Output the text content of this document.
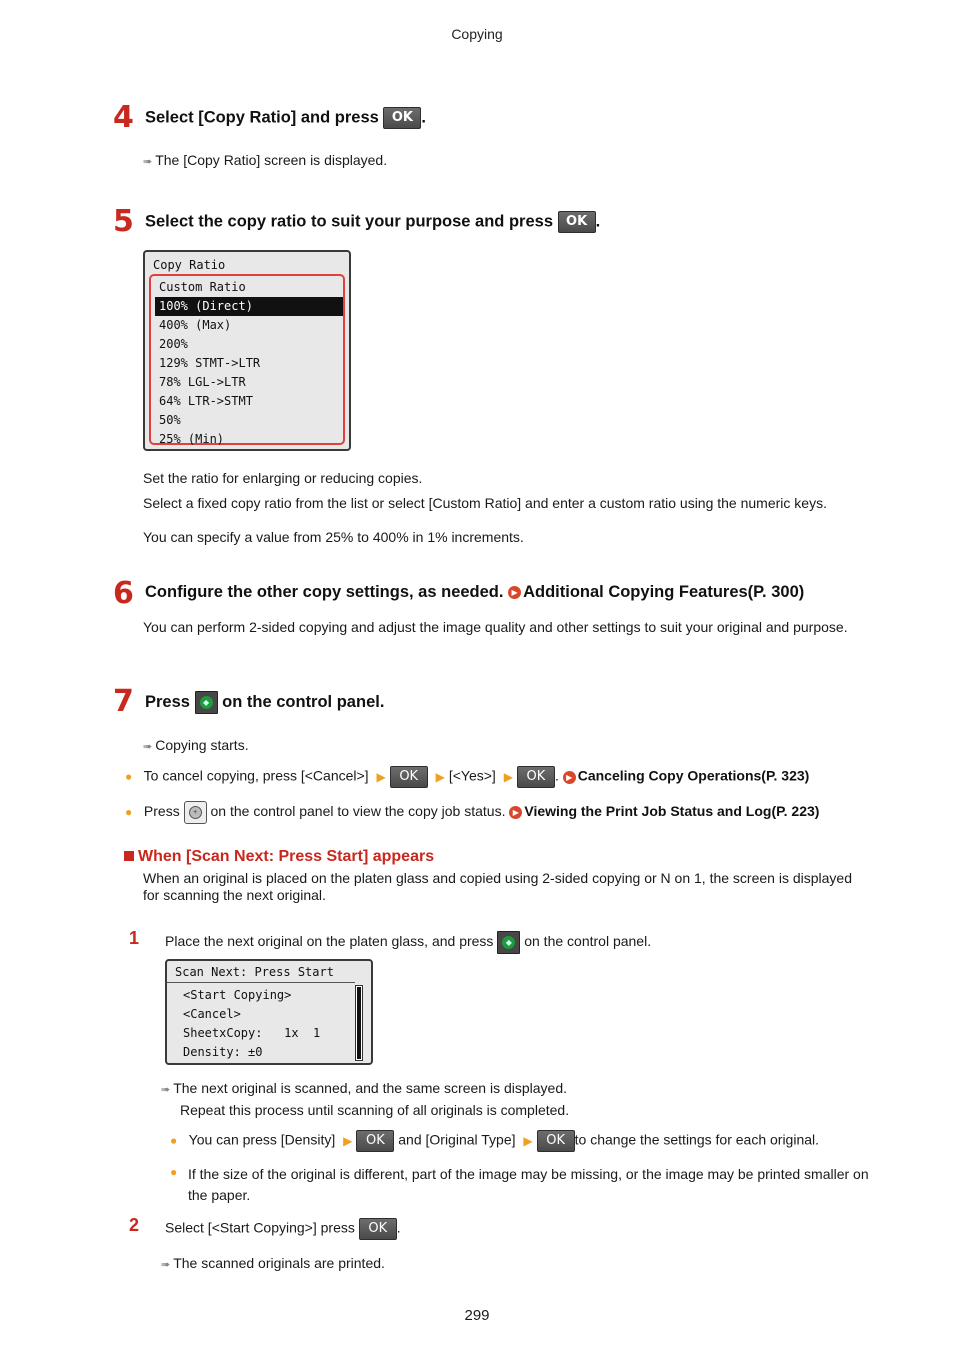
Copying
4 Select [Copy Ratio] and press OK .
➠ The [Copy Ratio] screen is displayed.
5 Select the copy ratio to suit your purpose and press OK .
Copy Ratio
Custom Ratio
100% (Direct)
400% (Max)
200%
129% STMT->LTR
78% LGL->LTR
64% LTR->STMT
50%
25% (Min)
Set the ratio for enlarging or reducing copies.
Select a fixed copy ratio from the list or select [Custom Ratio] and enter a custom ratio using the numeric keys.
You can specify a value from 25% to 400% in 1% increments.
6 Configure the other copy settings, as needed. ▶ Additional Copying Features(P. 300)
You can perform 2-sided copying and adjust the image quality and other settings to suit your original and purpose.
7 Press	◆ on the control panel.
➠ Copying starts.
● To cancel copying, press [<Cancel>] ▶ OK ▶ [<Yes>] ▶ OK . ▶ Canceling Copy Operations(P. 323)
● Press	+ on the control panel to view the copy job status. ▶ Viewing the Print Job Status and Log(P. 223)
When [Scan Next: Press Start] appears
When an original is placed on the platen glass and copied using 2-sided copying or N on 1, the screen is displayed for scanning the next original.
1 Place the next original on the platen glass, and press	◆ on the control panel.
Scan Next: Press Start
<Start Copying>
<Cancel>
SheetxCopy:   1x  1
Density: ±0
➠ The next original is scanned, and the same screen is displayed.
Repeat this process until scanning of all originals is completed.
● You can press [Density] ▶ OK and [Original Type] ▶ OK to change the settings for each original.
● If the size of the original is different, part of the image may be missing, or the image may be printed smaller on the paper.
2 Select [<Start Copying>] press OK .
➠ The scanned originals are printed.
299
